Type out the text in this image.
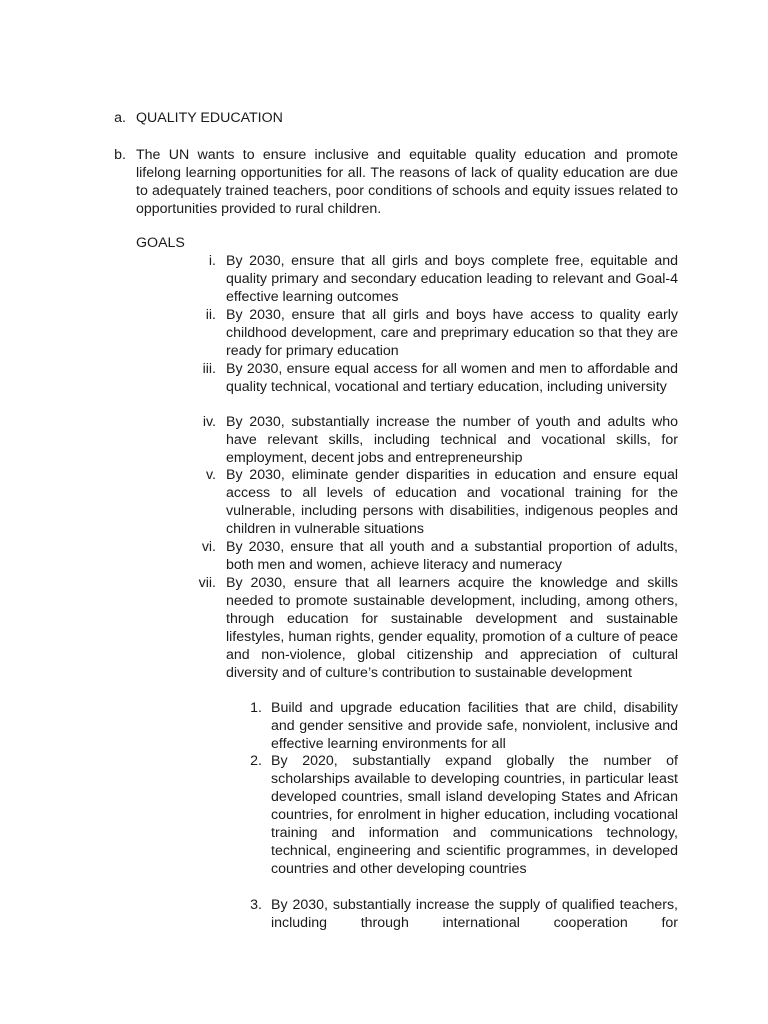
a. QUALITY EDUCATION
b. The UN wants to ensure inclusive and equitable quality education and promote lifelong learning opportunities for all. The reasons of lack of quality education are due to adequately trained teachers, poor conditions of schools and equity issues related to opportunities provided to rural children.
GOALS
i. By 2030, ensure that all girls and boys complete free, equitable and quality primary and secondary education leading to relevant and Goal-4 effective learning outcomes
ii. By 2030, ensure that all girls and boys have access to quality early childhood development, care and preprimary education so that they are ready for primary education
iii. By 2030, ensure equal access for all women and men to affordable and quality technical, vocational and tertiary education, including university
iv. By 2030, substantially increase the number of youth and adults who have relevant skills, including technical and vocational skills, for employment, decent jobs and entrepreneurship
v. By 2030, eliminate gender disparities in education and ensure equal access to all levels of education and vocational training for the vulnerable, including persons with disabilities, indigenous peoples and children in vulnerable situations
vi. By 2030, ensure that all youth and a substantial proportion of adults, both men and women, achieve literacy and numeracy
vii. By 2030, ensure that all learners acquire the knowledge and skills needed to promote sustainable development, including, among others, through education for sustainable development and sustainable lifestyles, human rights, gender equality, promotion of a culture of peace and non-violence, global citizenship and appreciation of cultural diversity and of culture’s contribution to sustainable development
1. Build and upgrade education facilities that are child, disability and gender sensitive and provide safe, nonviolent, inclusive and effective learning environments for all
2. By 2020, substantially expand globally the number of scholarships available to developing countries, in particular least developed countries, small island developing States and African countries, for enrolment in higher education, including vocational training and information and communications technology, technical, engineering and scientific programmes, in developed countries and other developing countries
3. By 2030, substantially increase the supply of qualified teachers, including through international cooperation for
